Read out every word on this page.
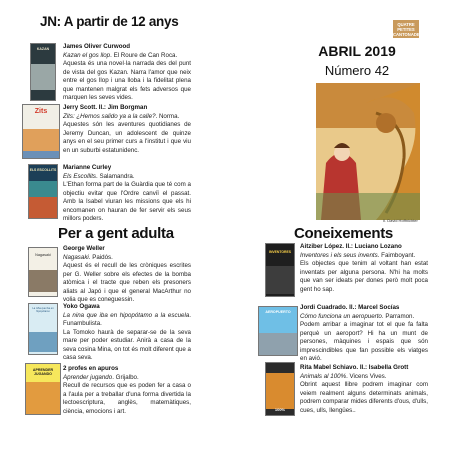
JN: A partir de 12 anys
KAZAN	James Oliver Curwood
Kazan el gos llop. El Roure de Can Roca.
Aquesta és una novel·la narrada des del punt de vista del gos Kazan. Narra l'amor que neix entre el gos llop i una lloba i la fidelitat plena que mantenen malgrat els fets adversos que marquen les seves vides.
Zits
Jerry Scott. Il.: Jim Borgman
Zits: ¿Hemos salido ya a la calle?. Norma.
Aquestes són les aventures quotidianes de Jeremy Duncan, un adolescent de quinze anys en el seu primer curs a l'institut i que viu en un suburbi estatunidenc.
ELS ESCOLLITS Marianne Curley
Els Escollits. Salamandra.
L'Ethan forma part de la Guàrdia que té com a objectiu evitar que l'Ordre canviï el passat. Amb la Isabel viuran les missions que els hi encomanen on hauran de fer servir els seus millors poders.
Per a gent adulta
Nagasaki
George Weller
Nagasaki. Paidós.
Aquest és el recull de les cròniques escrites per G. Weller sobre els efectes de la bomba atòmica i el tracte que reben els presoners aliats al Japó i que el general MacArthur no volia que es coneguessin.
La niña que iba en hipopótamo
Yoko Ogawa
La nina que iba en hipopótamo a la escuela. Funambulista.
La Tomoko haurà de separar-se de la seva mare per poder estudiar. Anirà a casa de la seva cosina Mina, on tot és molt diferent que a casa seva.
APRENDER JUGANDO
2 profes en apuros
Aprender jugando. Grijalbo.
Recull de recursos que es poden fer a casa o a l'aula per a treballar d'una forma divertida la lectoescriptura, anglès, matemàtiques, ciència, emocions i art.
QUATRE PETITES
CANTONADES
ABRIL 2019
Número 42
Il. David Hoffnichter
Coneixements
INVENTORES
Aitziber López. Il.: Luciano Lozano
Inventores i els seus invents. Faimboyant.
Els objectes que tenim al voltant han estat inventats per alguna persona. N'hi ha molts que van ser ideats per dones però molt poca gent ho sap.
AEROPUERTO
Jordi Cuadrado. Il.: Marcel Socías
Cómo funciona un aeropuerto. Parramon.
Podem arribar a imaginar tot el que fa falta perquè un aeroport? Hi ha un munt de persones, màquines i espais que són imprescindibles que fan possible els viatges en avió.
100%
Rita Mabel Schiavo. Il.: Isabella Grott
Animals al 100%. Vicens Vives.
Obrint aquest llibre podrem imaginar com veiem realment alguns determinats animals, podrem comparar mides diferents d'ous, d'ulls, cues, ulls, llengües..
